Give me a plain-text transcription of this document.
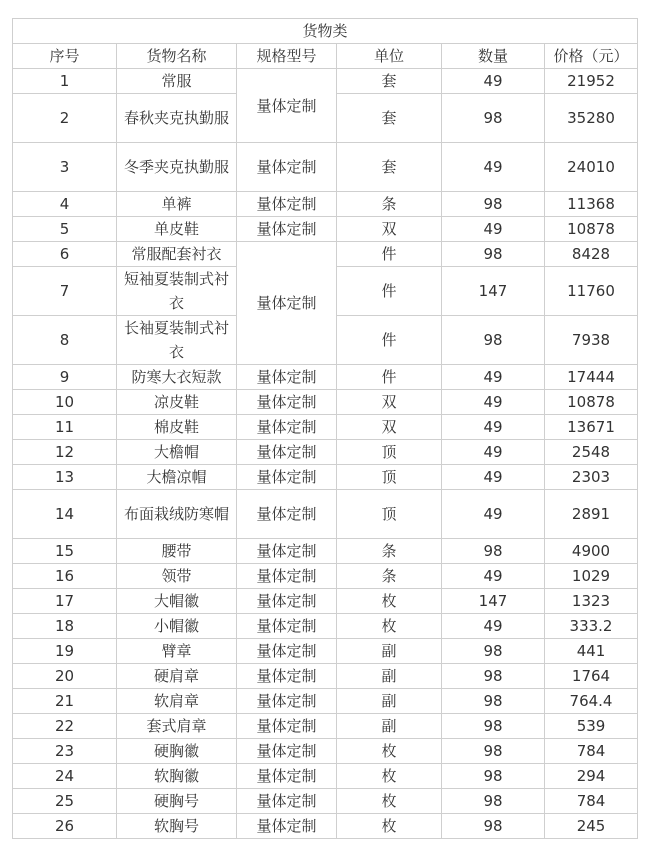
货物类					
序号	货物名称	规格型号	单位	数量	价格（元）
1	常服	量体定制	套	49	21952
2	春秋夹克执勤服		套	98	35280
3	冬季夹克执勤服	量体定制	套	49	24010
4	单裤	量体定制	条	98	11368
5	单皮鞋	量体定制	双	49	10878
6	常服配套衬衣	量体定制	件	98	8428
7	短袖夏装制式衬衣		件	147	11760
8	长袖夏装制式衬衣		件	98	7938
9	防寒大衣短款	量体定制	件	49	17444
10	凉皮鞋	量体定制	双	49	10878
11	棉皮鞋	量体定制	双	49	13671
12	大檐帽	量体定制	顶	49	2548
13	大檐凉帽	量体定制	顶	49	2303
14	布面栽绒防寒帽	量体定制	顶	49	2891
15	腰带	量体定制	条	98	4900
16	领带	量体定制	条	49	1029
17	大帽徽	量体定制	枚	147	1323
18	小帽徽	量体定制	枚	49	333.2
19	臂章	量体定制	副	98	441
20	硬肩章	量体定制	副	98	1764
21	软肩章	量体定制	副	98	764.4
22	套式肩章	量体定制	副	98	539
23	硬胸徽	量体定制	枚	98	784
24	软胸徽	量体定制	枚	98	294
25	硬胸号	量体定制	枚	98	784
26	软胸号	量体定制	枚	98	245
